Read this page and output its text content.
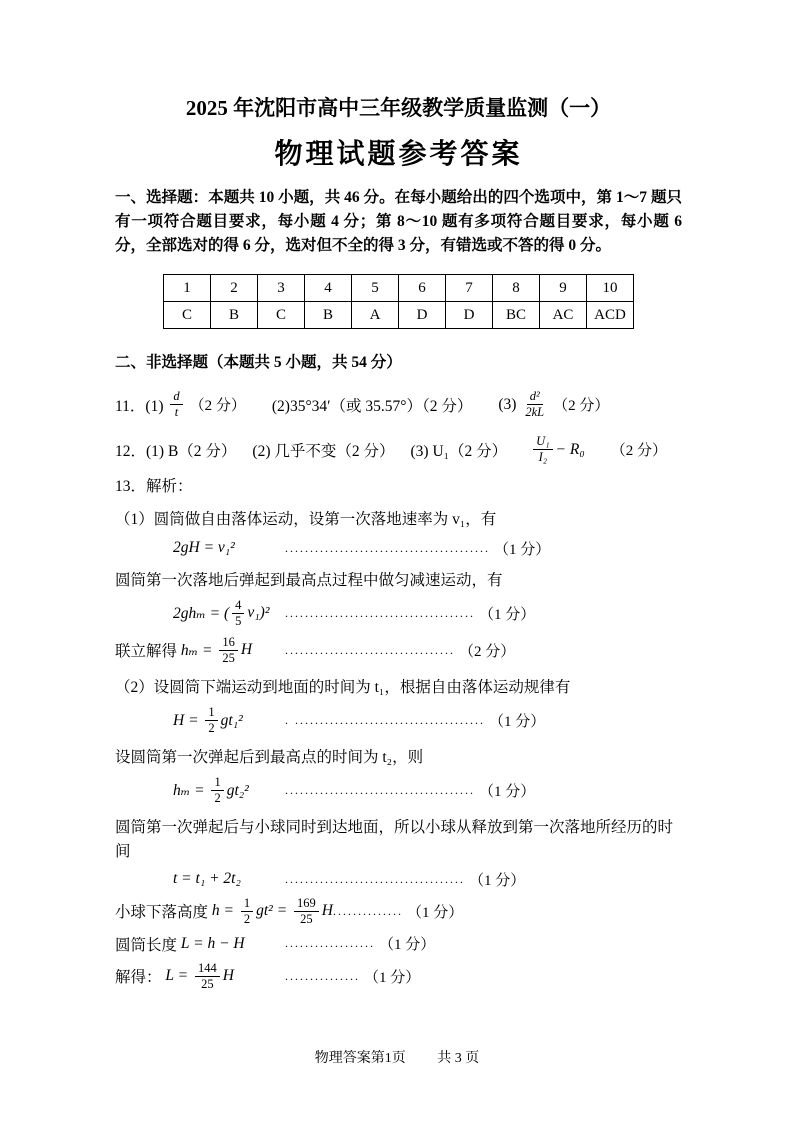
2025 年沈阳市高中三年级教学质量监测（一）
物理试题参考答案

一、选择题：本题共 10 小题，共 46 分。在每小题给出的四个选项中，第 1～7 题只有一项符合题目要求，每小题 4 分；第 8～10 题有多项符合题目要求，每小题 6 分，全部选对的得 6 分，选对但不全的得 3 分，有错选或不答的得 0 分。

1	2	3	4	5	6	7	8	9	10
C	B	C	B	A	D	D	BC	AC	ACD

二、非选择题（本题共 5 小题，共 54 分）

11．$(1) \frac{d}{t} (2$ 分） (2)35°34′（或 35.57°）（2 分） $(3) \frac{\text{d²}}{2kL} (2$ 分）
12．(1) B（2 分） (2) 几乎不变（2 分） (3) U₁（2 分） $\frac{\text{U₁}}{\text{I₂}} - R_0$ （2 分）
13．解析：
（1）圆筒做自由落体运动，设第一次落地速率为 v₁，有
2gH = v₁²	......................................... （1 分）
圆筒第一次落地后弹起到最高点过程中做匀减速运动，有
2ghₘ = ( $\frac{4}{5} v_1)^2$ ...................................... （1 分）
联立解得 $h_m = \frac{16}{25}$ H	.................................. （2 分）
（2）设圆筒下端运动到地面的时间为 t₁，根据自由落体运动规律有
$H = \frac{1}{2} gt_1^2$	. ...................................... （1 分）
设圆筒第一次弹起后到最高点的时间为 t₂，则
$h_m = \frac{1}{2} gt_2^2$	...................................... （1 分）
圆筒第一次弹起后与小球同时到达地面，所以小球从释放到第一次落地所经历的时间
t = t₁ + 2t₂	.................................... （1 分）
小球下落高度 $h = \frac{1}{2} gt^2 = \frac{169}{25}$ H .............. （1 分）
圆筒长度 L = h − H	.................. （1 分）
解得： $L = \frac{144}{25}$ H	............... （1 分）
物理答案第1页 共 3 页
